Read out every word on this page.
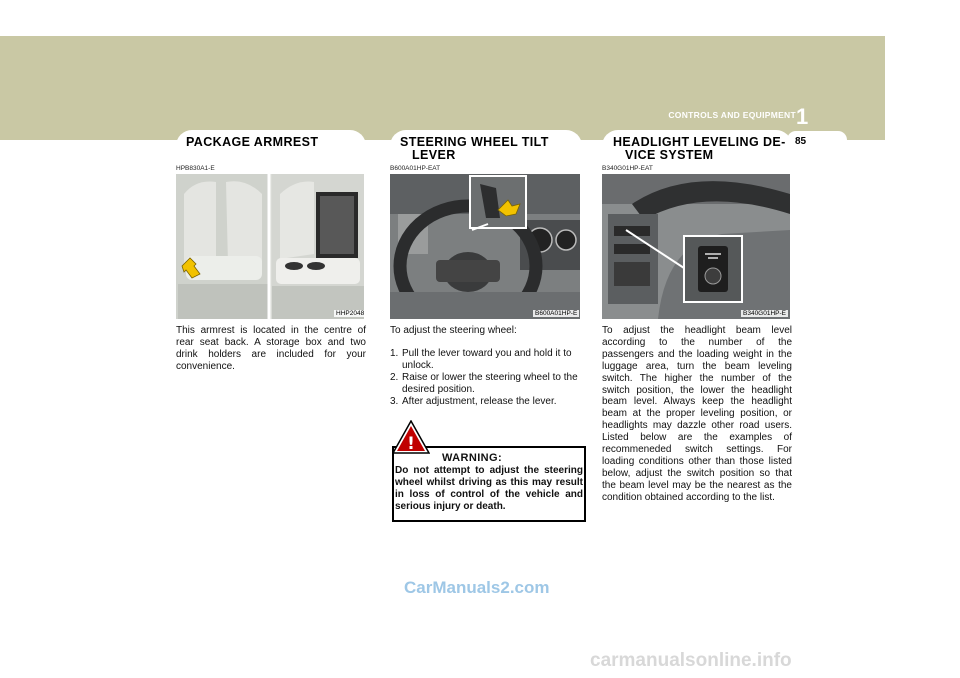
CONTROLS AND EQUIPMENT 1
85
PACKAGE ARMREST
HPB830A1-E
HHP2048
This armrest is located in the centre of rear seat back. A storage box and two drink holders are included for your convenience.
STEERING WHEEL TILT
LEVER
B600A01HP-EAT
B600A01HP-E
To adjust the steering wheel:
1. Pull the lever toward you and hold it to unlock.
2. Raise or lower the steering wheel to the desired position.
3. After adjustment, release the lever.
!
WARNING:
Do not attempt to adjust the steering wheel whilst driving as this may result in loss of control of the vehicle and serious injury or death.
HEADLIGHT LEVELING DE-
VICE SYSTEM
B340G01HP-EAT
B340G01HP-E
To adjust the headlight beam level according to the number of the passengers and the loading weight in the luggage area, turn the beam leveling switch. The higher the number of the switch position, the lower the headlight beam level. Always keep the headlight beam at the proper leveling position, or headlights may dazzle other road users. Listed below are the examples of recommeneded switch settings. For loading conditions other than those listed below, adjust the switch position so that the beam level may be the nearest as the condition obtained according to the list.
CarManuals2.com
carmanualsonline.info
